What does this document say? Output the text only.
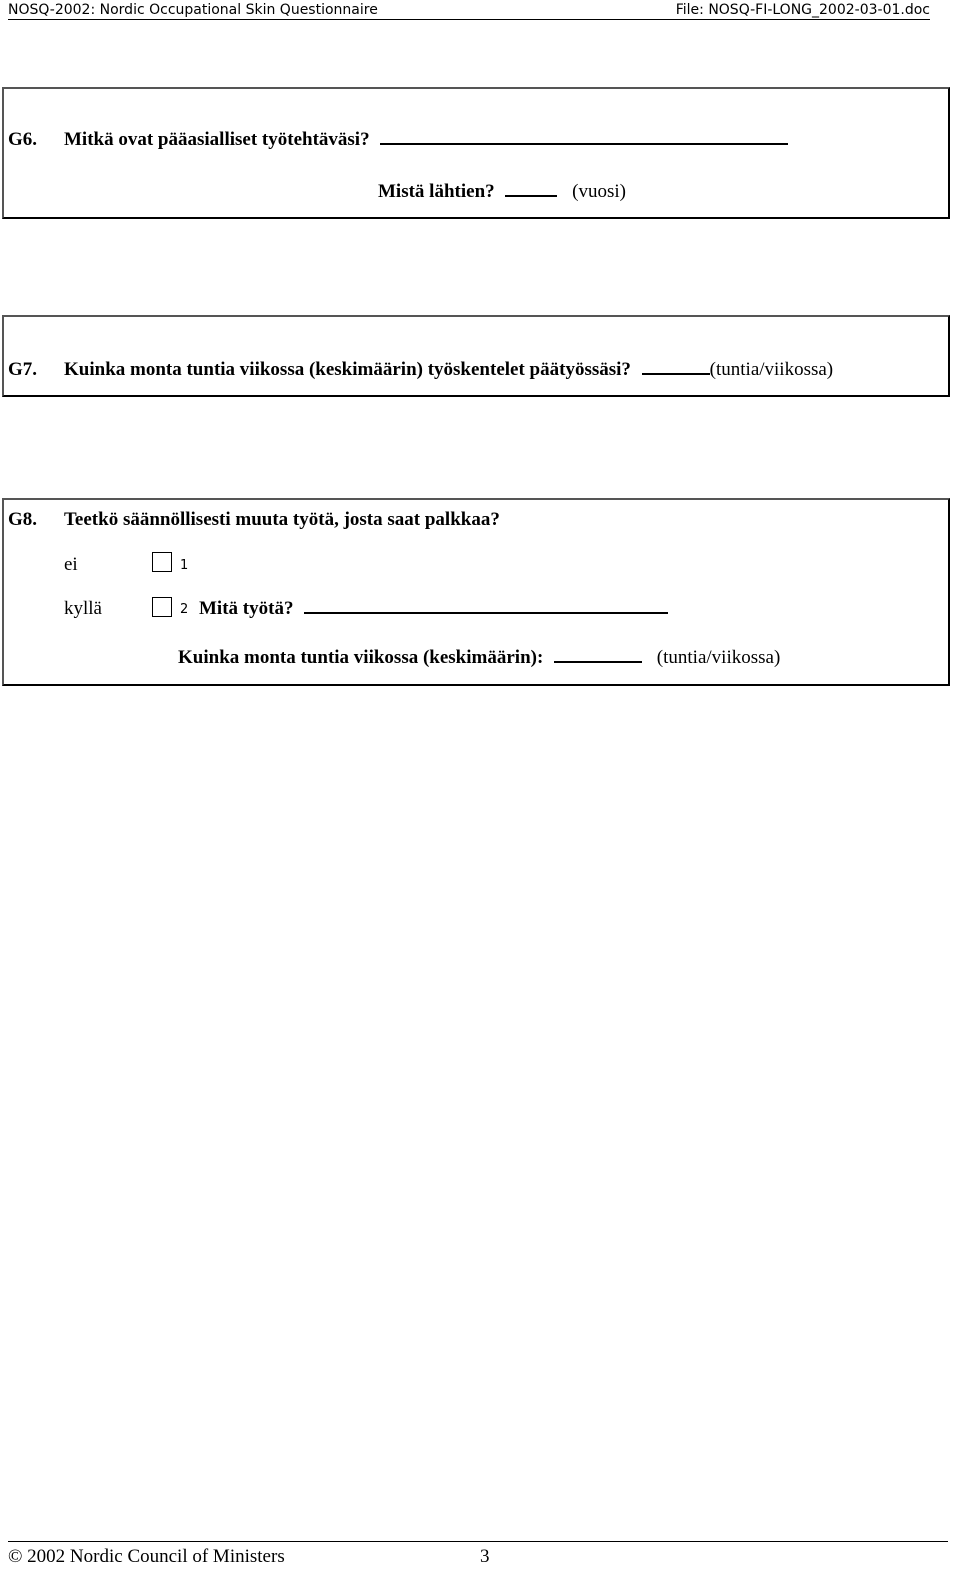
NOSQ-2002: Nordic Occupational Skin Questionnaire	File: NOSQ-FI-LONG_2002-03-01.doc
G6. Mitkä ovat pääasialliset työtehtäväsi?
Mistä lähtien?	(vuosi)
G7. Kuinka monta tuntia viikossa (keskimäärin) työskentelet päätyössäsi?	(tuntia/viikossa)
G8. Teetkö säännöllisesti muuta työtä, josta saat palkkaa?
ei	1
kyllä	2 Mitä työtä?
Kuinka monta tuntia viikossa (keskimäärin):	(tuntia/viikossa)
© 2002 Nordic Council of Ministers	3
